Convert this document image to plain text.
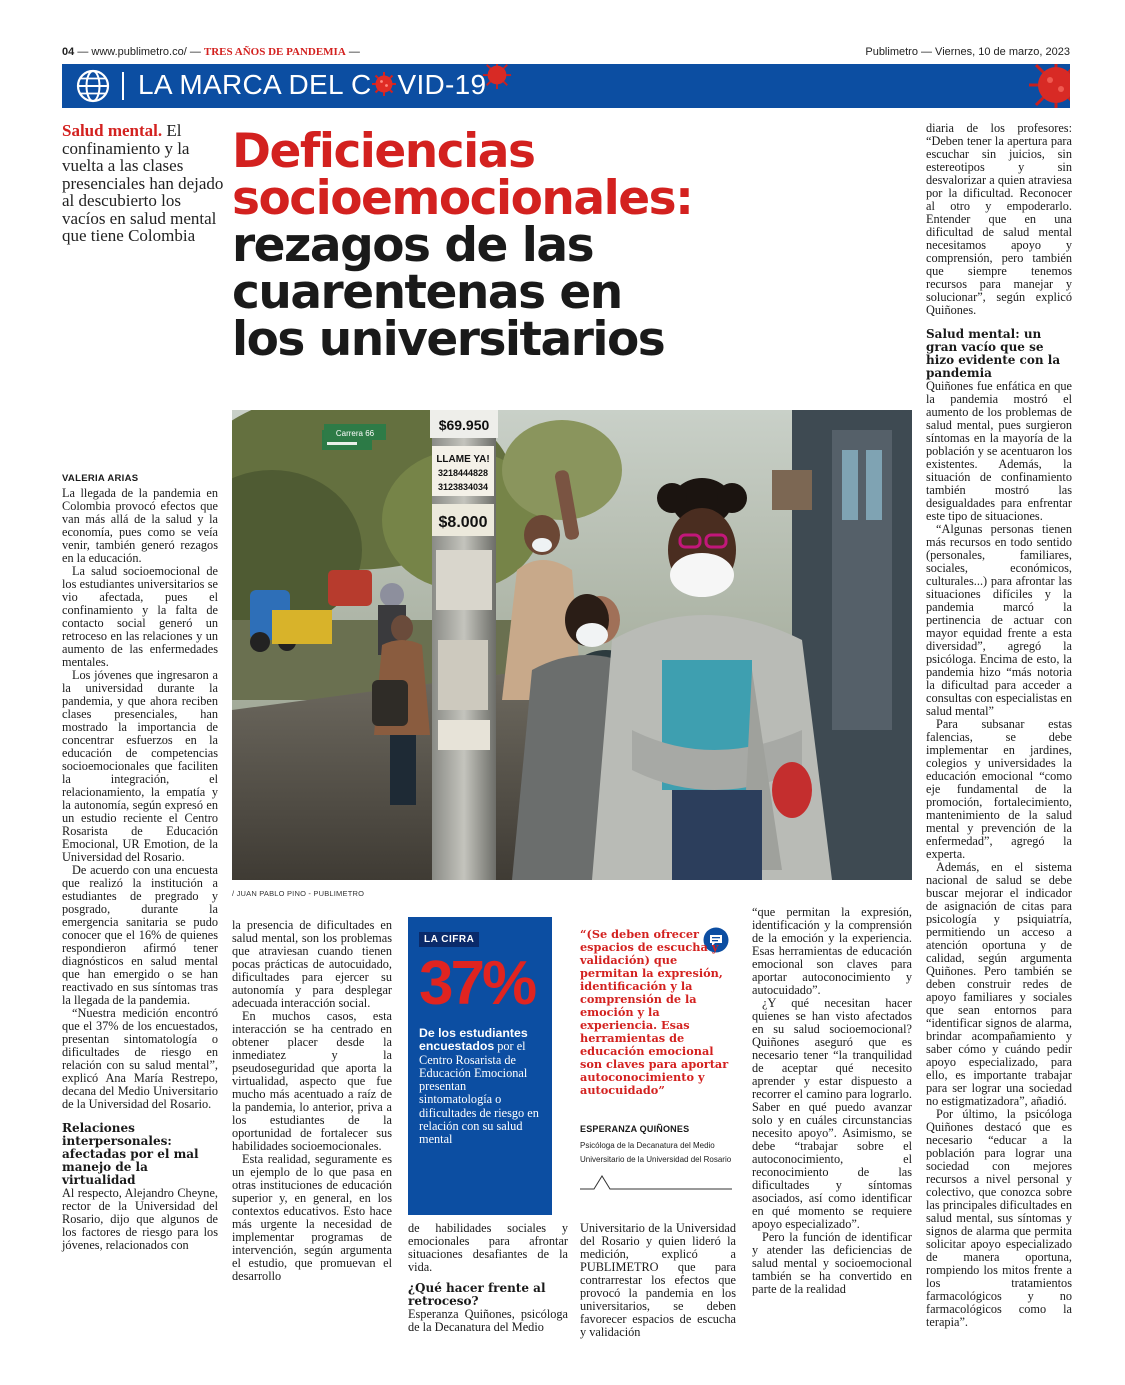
04 — www.publimetro.co/ — TRES AÑOS DE PANDEMIA —	Publimetro — Viernes, 10 de marzo, 2023
LA MARCA DEL C VID-19
Salud mental. El confinamiento y la vuelta a las clases presenciales han dejado al descubierto los vacíos en salud mental que tiene Colombia
Deficiencias
socioemocionales:
rezagos de las
cuarentenas en
los universitarios
$69.950
LLAME YA!
3218444828
3123834034
$8.000
Carrera 66
/ JUAN PABLO PINO - PUBLIMETRO
VALERIA ARIAS

La llegada de la pandemia en Colombia provocó efectos que van más allá de la salud y la economía, pues como se veía venir, también generó rezagos en la educación.

La salud socioemocional de los estudiantes universitarios se vio afectada, pues el confinamiento y la falta de contacto social generó un retroceso en las relaciones y un aumento de las enfermedades mentales.

Los jóvenes que ingresaron a la universidad durante la pandemia, y que ahora reciben clases presenciales, han mostrado la importancia de concentrar esfuerzos en la educación de competencias socioemocionales que faciliten la integración, el relacionamiento, la empatía y la autonomía, según expresó en un estudio reciente el Centro Rosarista de Educación Emocional, UR Emotion, de la Universidad del Rosario.

De acuerdo con una encuesta que realizó la institución a estudiantes de pregrado y posgrado, durante la emergencia sanitaria se pudo conocer que el 16% de quienes respondieron afirmó tener diagnósticos en salud mental que han emergido o se han reactivado en sus síntomas tras la llegada de la pandemia.

“Nuestra medición encontró que el 37% de los encuestados, presentan sintomatología o dificultades de riesgo en relación con su salud mental”, explicó Ana María Restrepo, decana del Medio Universitario de la Universidad del Rosario.

Relaciones interpersonales: afectadas por el mal manejo de la virtualidad

Al respecto, Alejandro Cheyne, rector de la Universidad del Rosario, dijo que algunos de los factores de riesgo para los jóvenes, relacionados con

la presencia de dificultades en salud mental, son los problemas que atraviesan cuando tienen pocas prácticas de autocuidado, dificultades para ejercer su autonomía y para desplegar adecuada interacción social.

En muchos casos, esta interacción se ha centrado en obtener placer desde la inmediatez y la pseudoseguridad que aporta la virtualidad, aspecto que fue mucho más acentuado a raíz de la pandemia, lo anterior, priva a los estudiantes de la oportunidad de fortalecer sus habilidades socioemocionales.

Esta realidad, seguramente es un ejemplo de lo que pasa en otras instituciones de educación superior y, en general, en los contextos educativos. Esto hace más urgente la necesidad de implementar programas de intervención, según argumenta el estudio, que promuevan el desarrollo

LA CIFRA
37%
De los estudiantes encuestados por el Centro Rosarista de Educación Emocional presentan sintomatología o dificultades de riesgo en relación con su salud mental

de habilidades sociales y emocionales para afrontar situaciones desafiantes de la vida.

¿Qué hacer frente al retroceso?

Esperanza Quiñones, psicóloga de la Decanatura del Medio

“(Se deben ofrecer espacios de escucha y validación) que permitan la expresión, identificación y la comprensión de la emoción y la experiencia. Esas herramientas de educación emocional son claves para aportar autoconocimiento y autocuidado”
ESPERANZA QUIÑONES
Psicóloga de la Decanatura del Medio
Universitario de la Universidad del Rosario

Universitario de la Universidad del Rosario y quien lideró la medición, explicó a PUBLIMETRO que para contrarrestar los efectos que provocó la pandemia en los universitarios, se deben favorecer espacios de escucha y validación

“que permitan la expresión, identificación y la comprensión de la emoción y la experiencia. Esas herramientas de educación emocional son claves para aportar autoconocimiento y autocuidado”.

¿Y qué necesitan hacer quienes se han visto afectados en su salud socioemocional? Quiñones aseguró que es necesario tener “la tranquilidad de aceptar qué necesito aprender y estar dispuesto a recorrer el camino para lograrlo. Saber en qué puedo avanzar solo y en cuáles circunstancias necesito apoyo”. Asimismo, se debe “trabajar sobre el autoconocimiento, el reconocimiento de las dificultades y síntomas asociados, así como identificar en qué momento se requiere apoyo especializado”.

Pero la función de identificar y atender las deficiencias de salud mental y socioemocional también se ha convertido en parte de la realidad

diaria de los profesores: “Deben tener la apertura para escuchar sin juicios, sin estereotipos y sin desvalorizar a quien atraviesa por la dificultad. Reconocer al otro y empoderarlo. Entender que en una dificultad de salud mental necesitamos apoyo y comprensión, pero también que siempre tenemos recursos para manejar y solucionar”, según explicó Quiñones.

Salud mental: un gran vacío que se hizo evidente con la pandemia

Quiñones fue enfática en que la pandemia mostró el aumento de los problemas de salud mental, pues surgieron síntomas en la mayoría de la población y se acentuaron los existentes. Además, la situación de confinamiento también mostró las desigualdades para enfrentar este tipo de situaciones.

“Algunas personas tienen más recursos en todo sentido (personales, familiares, sociales, económicos, culturales...) para afrontar las situaciones difíciles y la pandemia marcó la pertinencia de actuar con mayor equidad frente a esta diversidad”, agregó la psicóloga. Encima de esto, la pandemia hizo “más notoria la dificultad para acceder a consultas con especialistas en salud mental”

Para subsanar estas falencias, se debe implementar en jardines, colegios y universidades la educación emocional “como eje fundamental de la promoción, fortalecimiento, mantenimiento de la salud mental y prevención de la enfermedad”, agregó la experta.

Además, en el sistema nacional de salud se debe buscar mejorar el indicador de asignación de citas para psicología y psiquiatría, permitiendo un acceso a atención oportuna y de calidad, según argumenta Quiñones. Pero también se deben construir redes de apoyo familiares y sociales que sean entornos para “identificar signos de alarma, brindar acompañamiento y saber cómo y cuándo pedir apoyo especializado, para ello, es importante trabajar para ser lograr una sociedad no estigmatizadora”, añadió.

Por último, la psicóloga Quiñones destacó que es necesario “educar a la población para lograr una sociedad con mejores recursos a nivel personal y colectivo, que conozca sobre las principales dificultades en salud mental, sus síntomas y signos de alarma que permita solicitar apoyo especializado de manera oportuna, rompiendo los mitos frente a los tratamientos farmacológicos y no farmacológicos como la terapia”.
